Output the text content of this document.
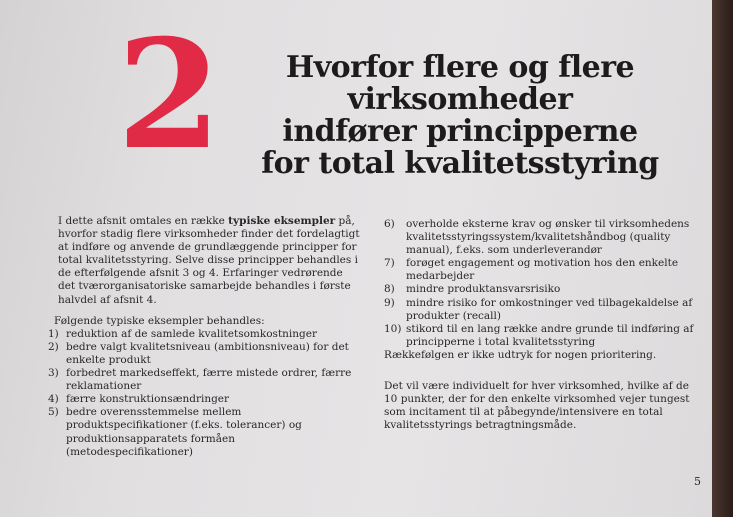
2	Hvorfor flere og flere
virksomheder
indfører principperne
for total kvalitetsstyring

I dette afsnit omtales en række typiske eksempler på, hvorfor stadig flere virksomheder finder det fordelagtigt at indføre og anvende de grundlæggende principper for total kvalitetsstyring. Selve disse principper behandles i de efterfølgende afsnit 3 og 4. Erfaringer vedrørende det tværorganisatoriske samarbejde behandles i første halvdel af afsnit 4.

Følgende typiske eksempler behandles:
1) reduktion af de samlede kvalitetsomkostninger
2) bedre valgt kvalitetsniveau (ambitionsniveau) for det enkelte produkt
3) forbedret markedseffekt, færre mistede ordrer, færre reklamationer
4) færre konstruktionsændringer
5) bedre overensstemmelse mellem produktspecifikationer (f.eks. tolerancer) og produktionsapparatets formåen (metodespecifikationer)
6) overholde eksterne krav og ønsker til virksomhedens kvalitetsstyringssystem/kvalitetshåndbog (quality manual), f.eks. som underleverandør
7) forøget engagement og motivation hos den enkelte medarbejder
8) mindre produktansvarsrisiko
9) mindre risiko for omkostninger ved tilbagekaldelse af produkter (recall)
10) stikord til en lang række andre grunde til indføring af principperne i total kvalitetsstyring
Rækkefølgen er ikke udtryk for nogen prioritering.
Det vil være individuelt for hver virksomhed, hvilke af de 10 punkter, der for den enkelte virksomhed vejer tungest som incitament til at påbegynde/intensivere en total kvalitetsstyrings betragtningsmåde.
5
